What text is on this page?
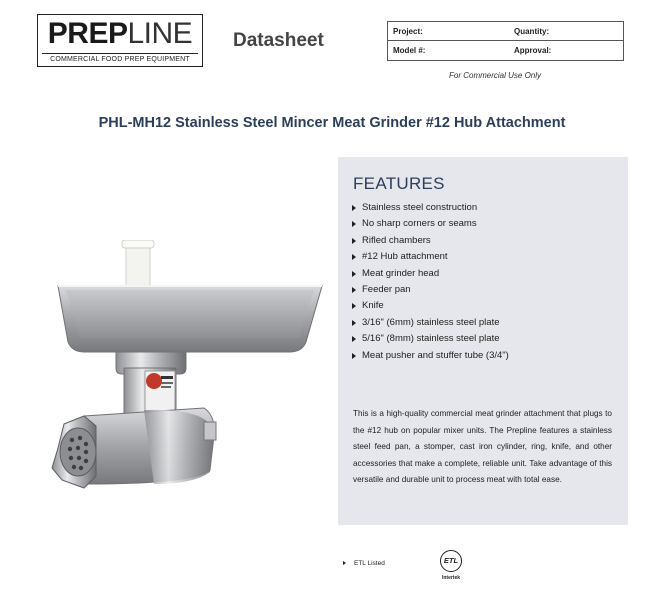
PREPLINE
COMMERCIAL FOOD PREP EQUIPMENT
Datasheet	Project:	Quantity:
Model #:	Approval:
For Commercial Use Only
PHL-MH12 Stainless Steel Mincer Meat Grinder #12 Hub Attachment
FEATURES
Stainless steel construction
No sharp corners or seams
Rifled chambers
#12 Hub attachment
Meat grinder head
Feeder pan
Knife
3/16" (6mm) stainless steel plate
5/16" (8mm) stainless steel plate
Meat pusher and stuffer tube (3/4")

This is a high-quality commercial meat grinder attachment that plugs to the #12 hub on popular mixer units. The Prepline features a stainless steel feed pan, a stomper, cast iron cylinder, ring, knife, and other accessories that make a complete, reliable unit. Take advantage of this versatile and durable unit to process meat with total ease.

ETL Listed	ETL
Intertek
